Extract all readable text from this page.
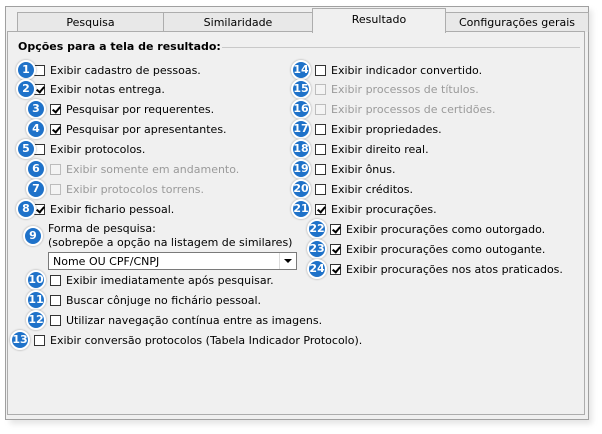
Pesquisa	Similaridade	Resultado	Configurações gerais
Opções para a tela de resultado:
1	Exibir cadastro de pessoas.
2	Exibir notas entrega.
3	Pesquisar por requerentes.
4	Pesquisar por apresentantes.
5	Exibir protocolos.
6	Exibir somente em andamento.
7	Exibir protocolos torrens.
8	Exibir fichario pessoal.
9
Forma de pesquisa:
(sobrepõe a opção na listagem de similares)
Nome OU CPF/CNPJ
10 Exibir imediatamente após pesquisar.
11 Buscar cônjuge no fichário pessoal.
12 Utilizar navegação contínua entre as imagens.
13 Exibir conversão protocolos (Tabela Indicador Protocolo).
14 Exibir indicador convertido.
15 Exibir processos de títulos.
16 Exibir processos de certidões.
17 Exibir propriedades.
18 Exibir direito real.
19 Exibir ônus.
20 Exibir créditos.
21 Exibir procurações.
22 Exibir procurações como outorgado.
23 Exibir procurações como outogante.
24 Exibir procurações nos atos praticados.
